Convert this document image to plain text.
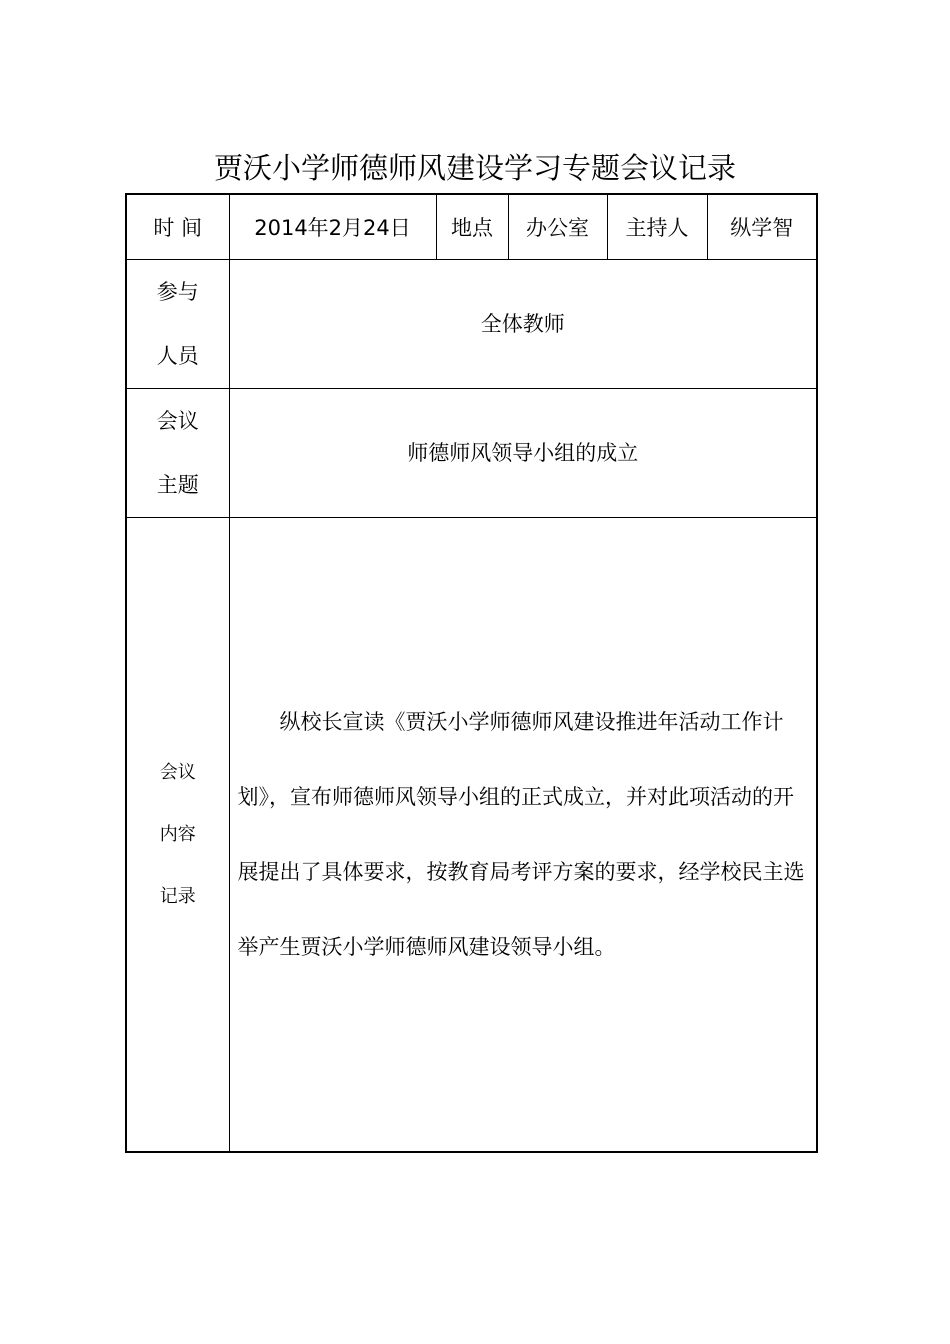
贾沃小学师德师风建设学习专题会议记录
时 间	2014年2月24日	地点	办公室	主持人	纵学智

参与
人员	全体教师				

会议
主题	师德师风领导小组的成立				

会议
内容
记录	纵校长宣读《贾沃小学师德师风建设推进年活动工作计划》，宣布师德师风领导小组的正式成立，并对此项活动的开展提出了具体要求，按教育局考评方案的要求，经学校民主选举产生贾沃小学师德师风建设领导小组。				
